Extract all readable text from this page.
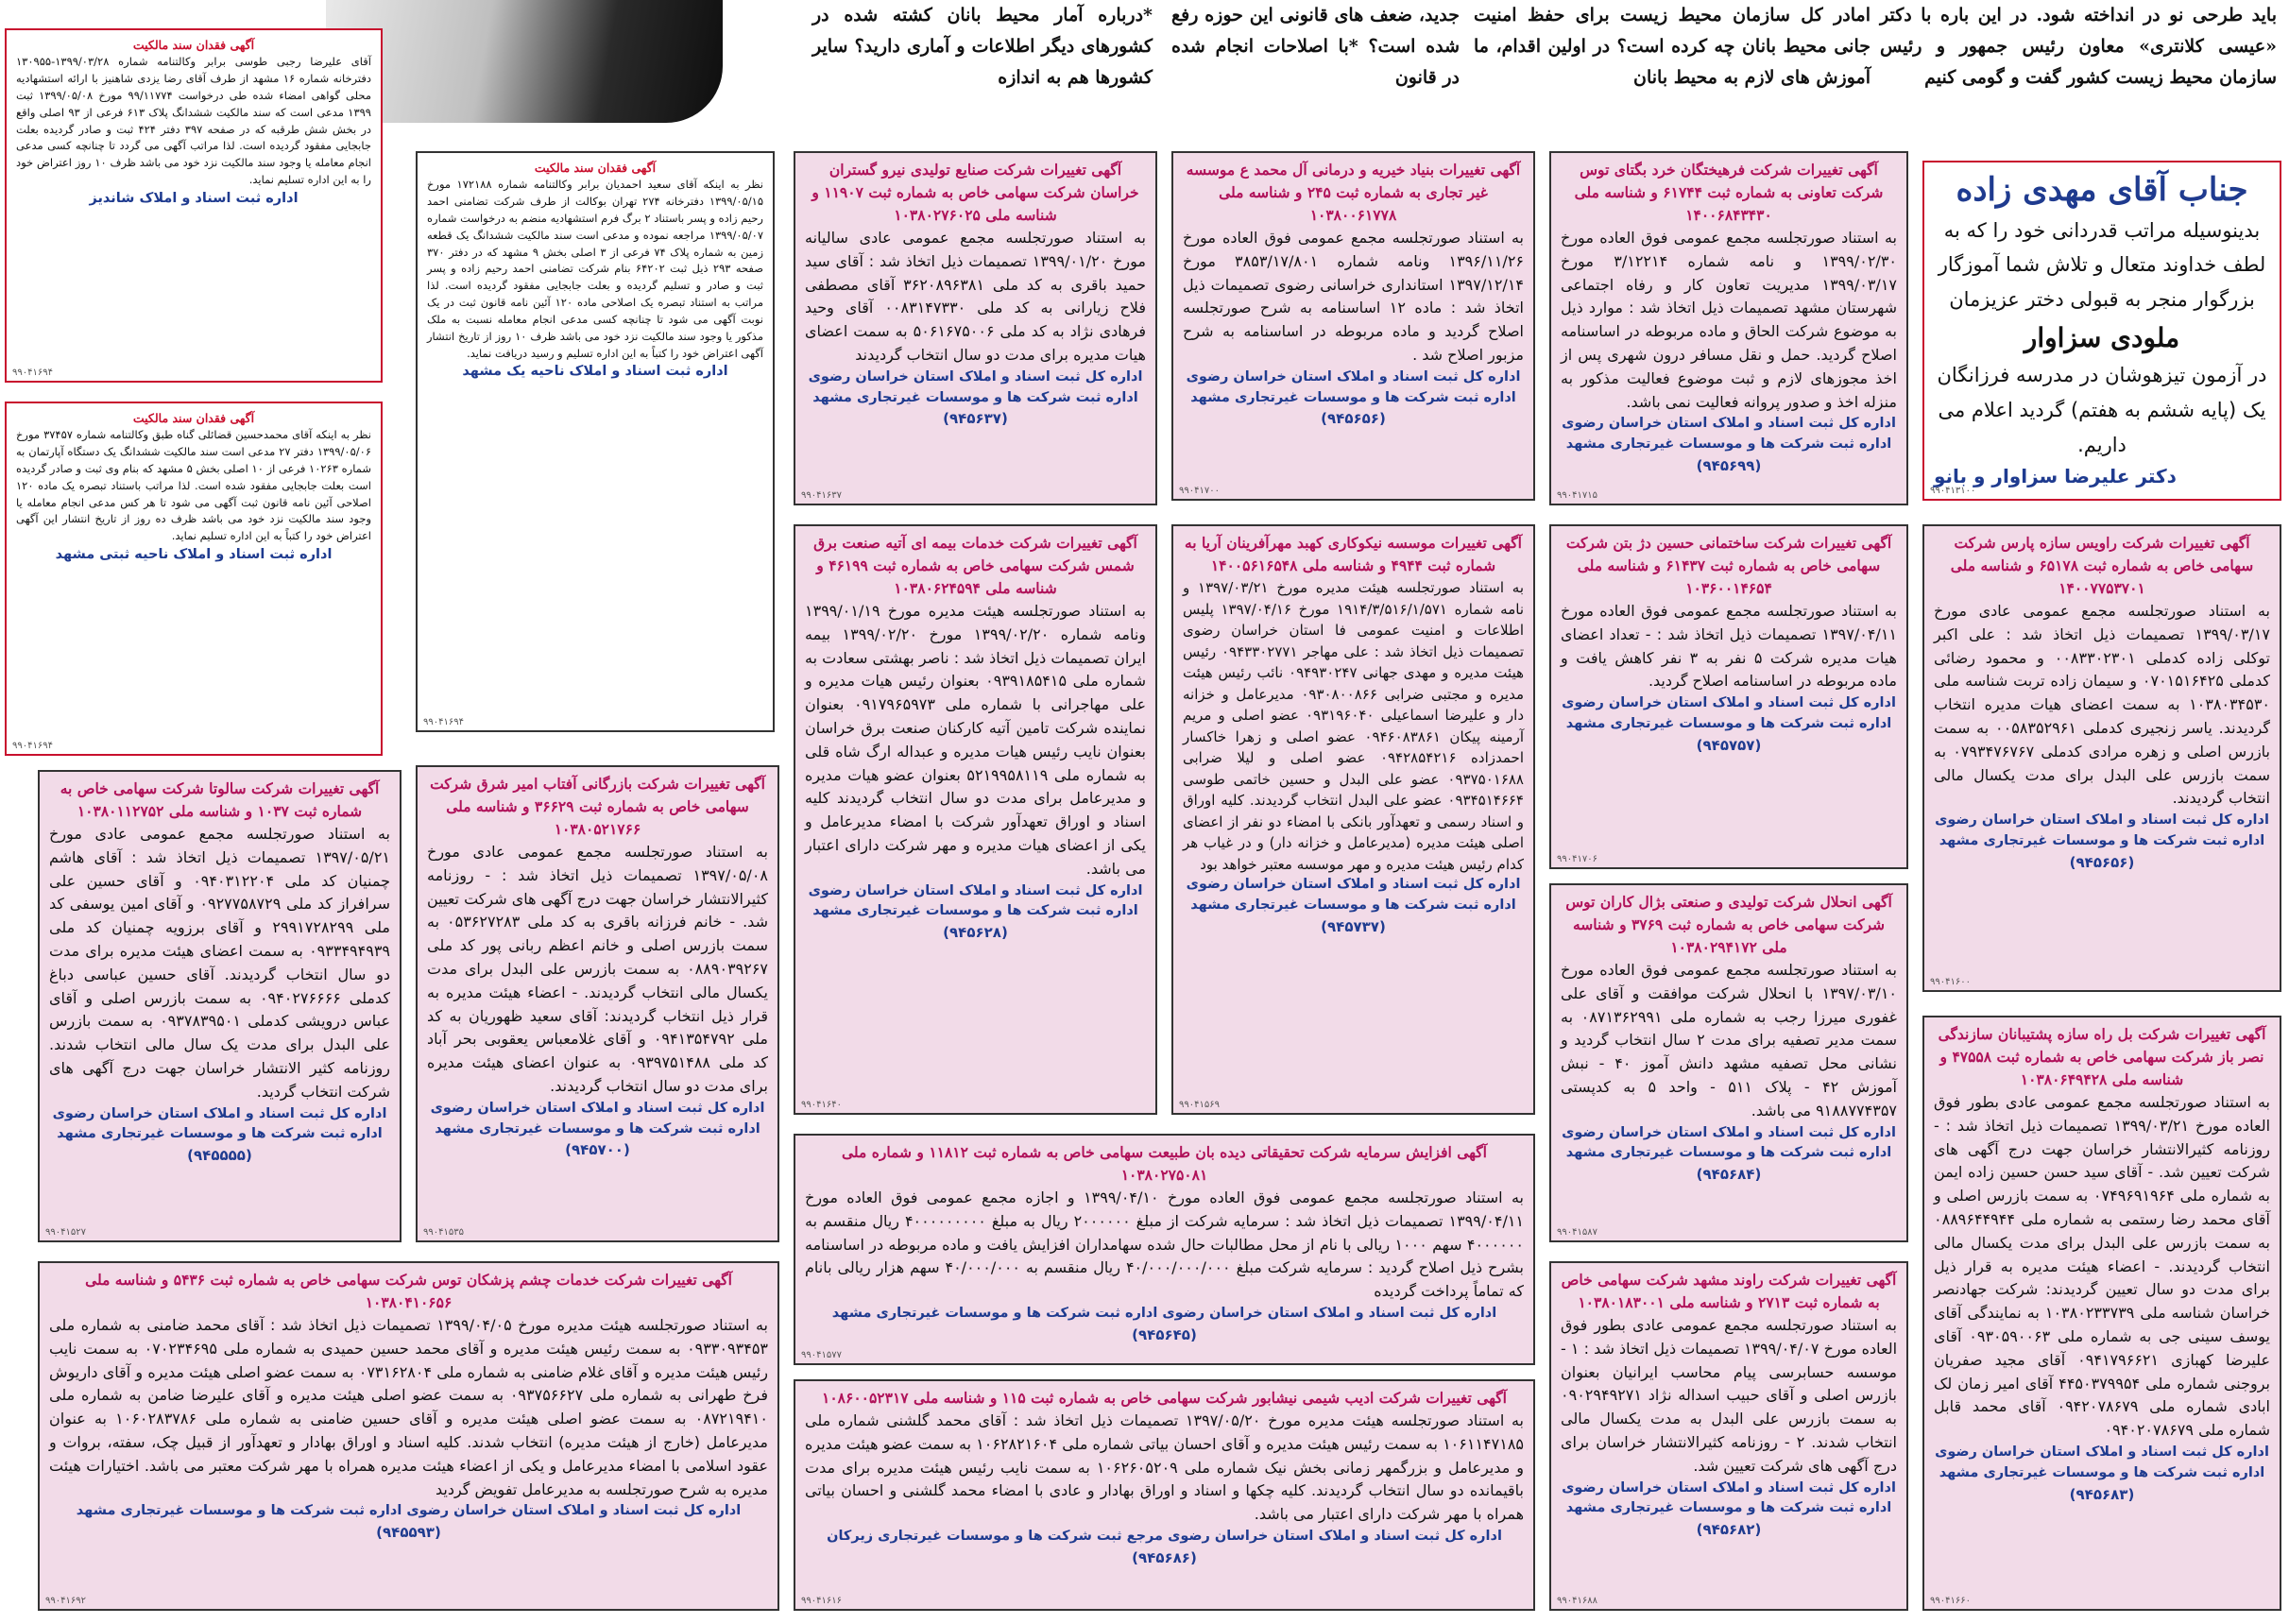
باید طرحی نو در انداخته شود. در این باره با دکتر «عیسی کلانتری» معاون رئیس جمهور و رئیس سازمان محیط زیست کشور گفت و گومی کنیم
امادر کل سازمان محیط زیست برای حفظ امنیت جانی محیط بانان چه کرده است؟ در اولین اقدام، ما آموزش های لازم به محیط بانان
جدید، ضعف های قانونی این حوزه رفع شده است؟ *با اصلاحات انجام شده در قانون
*درباره آمار محیط بانان کشته شده در کشورهای دیگر اطلاعات و آماری دارید؟ سایر کشورها هم به اندازه
جناب آقای مهدی زاده
بدینوسیله مراتب قدردانی خود را که به لطف خداوند متعال و تلاش شما آموزگار بزرگوار منجر به قبولی دختر عزیزمان
ملودی سزاوار
در آزمون تیزهوشان در مدرسه فرزانگان یک (پایه ششم به هفتم) گردید اعلام می داریم.
دکتر علیرضا سزاوار و بانو
۹۹۰۴۱۳۱۰۰
آگهی تغییرات شرکت راویس سازه پارس شرکت سهامی خاص به شماره ثبت ۶۵۱۷۸ و شناسه ملی ۱۴۰۰۷۷۵۳۷۰۱
به استناد صورتجلسه مجمع عمومی عادی مورخ ۱۳۹۹/۰۳/۱۷ تصمیمات ذیل اتخاذ شد : علی اکبر توکلی زاده کدملی ۰۰۸۳۳۰۲۳۰۱ و محمود رضائی کدملی ۰۷۰۱۵۱۶۴۲۵ و سیمان زاده تربت شناسه ملی ۱۰۳۸۰۳۴۵۳۰ به سمت اعضای هیات مدیره انتخاب گردیدند. یاسر زنجیری کدملی ۰۰۵۸۳۵۲۹۶۱ به سمت بازرس اصلی و زهره مرادی کدملی ۰۷۹۳۴۷۶۷۶۷ به سمت بازرس علی البدل برای مدت یکسال مالی انتخاب گردیدند.
اداره کل ثبت اسناد و املاک استان خراسان رضوی اداره ثبت شرکت ها و موسسات غیرتجاری مشهد
(۹۴۵۶۵۶)
۹۹۰۴۱۶۰۰
آگهی تغییرات شرکت بل راه سازه پشتیبانان سازندگی نصر باز شرکت سهامی خاص به شماره ثبت ۴۷۵۵۸ و شناسه ملی ۱۰۳۸۰۶۴۹۴۲۸
به استناد صورتجلسه مجمع عمومی عادی بطور فوق العاده مورخ ۱۳۹۹/۰۳/۲۱ تصمیمات ذیل اتخاذ شد : - روزنامه کثیرالانتشار خراسان جهت درج آگهی های شرکت تعیین شد. - آقای سید حسن حسین زاده ایمن به شماره ملی ۰۷۴۹۶۹۱۹۶۴ به سمت بازرس اصلی و آقای محمد رضا رستمی به شماره ملی ۰۸۸۹۶۴۴۹۴۴ به سمت بازرس علی البدل برای مدت یکسال مالی انتخاب گردیدند. - اعضاء هیئت مدیره به قرار ذیل برای مدت دو سال تعیین گردیدند: شرکت جهادنصر خراسان شناسه ملی ۱۰۳۸۰۲۳۳۷۳۹ به نمایندگی آقای یوسف سینی جی به شماره ملی ۰۹۳۰۵۹۰۰۶۳ آقای علیرضا کهبازی ۰۹۴۱۷۹۶۶۲۱ آقای مجید صفریان بروجنی شماره ملی ۴۴۵۰۳۷۹۹۵۴ آقای امیر زمان لک ابادی شماره ملی ۰۹۴۲۰۷۸۶۷۹ آقای محمد قابل شماره ملی ۰۹۴۰۲۰۷۸۶۷۹
اداره کل ثبت اسناد و املاک استان خراسان رضوی اداره ثبت شرکت ها و موسسات غیرتجاری مشهد
(۹۴۵۶۸۳)
۹۹۰۴۱۶۶۰
آگهی تغییرات شرکت فرهیختگان خرد بگتای توس شرکت تعاونی به شماره ثبت ۶۱۷۴۴ و شناسه ملی ۱۴۰۰۶۸۴۳۴۳۰
به استناد صورتجلسه مجمع عمومی فوق العاده مورخ ۱۳۹۹/۰۲/۳۰ و نامه شماره ۳/۱۲۲۱۴ مورخ ۱۳۹۹/۰۳/۱۷ مدیریت تعاون کار و رفاه اجتماعی شهرستان مشهد تصمیمات ذیل اتخاذ شد : موارد ذیل به موضوع شرکت الحاق و ماده مربوطه در اساسنامه اصلاح گردید. حمل و نقل مسافر درون شهری پس از اخذ مجوزهای لازم و ثبت موضوع فعالیت مذکور به منزله اخذ و صدور پروانه فعالیت نمی باشد.
اداره کل ثبت اسناد و املاک استان خراسان رضوی اداره ثبت شرکت ها و موسسات غیرتجاری مشهد
(۹۴۵۶۹۹)
۹۹۰۴۱۷۱۵
آگهی تغییرات شرکت ساختمانی حسین دژ بتن شرکت سهامی خاص به شماره ثبت ۶۱۴۳۷ و شناسه ملی ۱۰۳۶۰۰۱۴۶۵۴
به استناد صورتجلسه مجمع عمومی فوق العاده مورخ ۱۳۹۷/۰۴/۱۱ تصمیمات ذیل اتخاذ شد : - تعداد اعضای هیات مدیره شرکت ۵ نفر به ۳ نفر کاهش یافت و ماده مربوطه در اساسنامه اصلاح گردید.
اداره کل ثبت اسناد و املاک استان خراسان رضوی اداره ثبت شرکت ها و موسسات غیرتجاری مشهد
(۹۴۵۷۵۷)
۹۹۰۴۱۷۰۶
آگهی انحلال شرکت تولیدی و صنعتی بژال کاران توس شرکت سهامی خاص به شماره ثبت ۳۷۶۹ و شناسه ملی ۱۰۳۸۰۲۹۴۱۷۲
به استناد صورتجلسه مجمع عمومی فوق العاده مورخ ۱۳۹۷/۰۳/۱۰ با انحلال شرکت موافقت و آقای علی غفوری میرزا رجب به شماره ملی ۰۸۷۱۳۶۲۹۹۱ به سمت مدیر تصفیه برای مدت ۲ سال انتخاب گردید و نشانی محل تصفیه مشهد دانش آموز ۴۰ - نبش آموزش ۴۲ - پلاک ۵۱۱ - واحد ۵ به کدپستی ۹۱۸۸۷۷۴۳۵۷ می باشد.
اداره کل ثبت اسناد و املاک استان خراسان رضوی اداره ثبت شرکت ها و موسسات غیرتجاری مشهد
(۹۴۵۶۸۴)
۹۹۰۴۱۵۸۷
آگهی تغییرات شرکت راوند مشهد شرکت سهامی خاص به شماره ثبت ۲۷۱۳ و شناسه ملی ۱۰۳۸۰۱۸۳۰۰۱
به استناد صورتجلسه مجمع عمومی عادی بطور فوق العاده مورخ ۱۳۹۹/۰۴/۰۷ تصمیمات ذیل اتخاذ شد : ۱ - موسسه حسابرسی پیام محاسب ایرانیان بعنوان بازرس اصلی و آقای حبیب اسداله نژاد ۰۹۰۲۹۴۹۲۷۱ به سمت بازرس علی البدل به مدت یکسال مالی انتخاب شدند. ۲ - روزنامه کثیرالانتشار خراسان برای درج آگهی های شرکت تعیین شد.
اداره کل ثبت اسناد و املاک استان خراسان رضوی اداره ثبت شرکت ها و موسسات غیرتجاری مشهد
(۹۴۵۶۸۲)
۹۹۰۴۱۶۸۸
آگهی تغییرات بنیاد خیریه و درمانی آل محمد ع موسسه غیر تجاری به شماره ثبت ۲۴۵ و شناسه ملی ۱۰۳۸۰۰۶۱۷۷۸
به استناد صورتجلسه مجمع عمومی فوق العاده مورخ ۱۳۹۶/۱۱/۲۶ ونامه شماره ۳۸۵۳/۱۷/۸۰۱ مورخ ۱۳۹۷/۱۲/۱۴ استانداری خراسانی رضوی تصمیمات ذیل اتخاذ شد : ماده ۱۲ اساسنامه به شرح صورتجلسه اصلاح گردید و ماده مربوطه در اساسنامه به شرح مزبور اصلاح شد .
اداره کل ثبت اسناد و املاک استان خراسان رضوی اداره ثبت شرکت ها و موسسات غیرتجاری مشهد
(۹۴۵۶۵۶)
۹۹۰۴۱۷۰۰
آگهی تغییرات موسسه نیکوکاری کهبد مهرآفرینان آریا به شماره ثبت ۴۹۴۴ و شناسه ملی ۱۴۰۰۵۶۱۶۵۴۸
به استناد صورتجلسه هیئت مدیره مورخ ۱۳۹۷/۰۳/۲۱ و نامه شماره ۱۹۱۴/۳/۵۱۶/۱/۵۷۱ مورخ ۱۳۹۷/۰۴/۱۶ پلیس اطلاعات و امنیت عمومی فا استان خراسان رضوی تصمیمات ذیل اتخاذ شد : علی مهاجر ۰۹۴۳۳۰۲۷۷۱ رئیس هیئت مدیره و مهدی جهانی ۰۹۴۹۳۰۲۴۷ نائب رئیس هیئت مدیره و مجتبی ضرابی ۰۹۳۰۸۰۰۸۶۶ مدیرعامل و خزانه دار و علیرضا اسماعیلی ۰۹۳۱۹۶۰۴۰ عضو اصلی و مریم آرمینه پیکان ۰۹۴۶۰۸۳۸۶۱ عضو اصلی و زهرا خاکسار احمدزاده ۰۹۴۲۸۵۴۲۱۶ عضو اصلی و لیلا ضرابی ۰۹۳۷۵۰۱۶۸۸ عضو علی البدل و حسین خاتمی طوسی ۰۹۳۴۵۱۴۶۶۴ عضو علی البدل انتخاب گردیدند. کلیه اوراق و اسناد رسمی و تعهدآور بانکی با امضاء دو نفر از اعضای اصلی هیئت مدیره (مدیرعامل و خزانه دار) و در غیاب هر کدام رئیس هیئت مدیره و مهر موسسه معتبر خواهد بود
اداره کل ثبت اسناد و املاک استان خراسان رضوی اداره ثبت شرکت ها و موسسات غیرتجاری مشهد
(۹۴۵۷۳۷)
۹۹۰۴۱۵۶۹
آگهی تغییرات شرکت صنایع تولیدی نیرو گستران خراسان شرکت سهامی خاص به شماره ثبت ۱۱۹۰۷ و شناسه ملی ۱۰۳۸۰۲۷۶۰۲۵
به استناد صورتجلسه مجمع عمومی عادی سالیانه مورخ ۱۳۹۹/۰۱/۲۰ تصمیمات ذیل اتخاذ شد : آقای سید حمید باقری به کد ملی ۳۶۲۰۸۹۶۳۸۱ آقای مصطفی فلاح زیارانی به کد ملی ۰۰۸۳۱۴۷۳۳۰ آقای وحید فرهادی نژاد به کد ملی ۵۰۶۱۶۷۵۰۰۶ به سمت اعضای هیات مدیره برای مدت دو سال انتخاب گردیدند
اداره کل ثبت اسناد و املاک استان خراسان رضوی اداره ثبت شرکت ها و موسسات غیرتجاری مشهد
(۹۴۵۶۳۷)
۹۹۰۴۱۶۳۷
آگهی تغییرات شرکت خدمات بیمه ای آتیه صنعت برق شمس شرکت سهامی خاص به شماره ثبت ۴۶۱۹۹ و شناسه ملی ۱۰۳۸۰۶۲۴۵۹۴
به استناد صورتجلسه هیئت مدیره مورخ ۱۳۹۹/۰۱/۱۹ ونامه شماره ۱۳۹۹/۰۲/۲۰ مورخ ۱۳۹۹/۰۲/۲۰ بیمه ایران تصمیمات ذیل اتخاذ شد : ناصر بهشتی سعادت به شماره ملی ۰۹۳۹۱۸۵۴۱۵ بعنوان رئیس هیات مدیره و علی مهاجرانی با شماره ملی ۰۹۱۷۹۶۵۹۷۳ بعنوان نماینده شرکت تامین آتیه کارکنان صنعت برق خراسان بعنوان نایب رئیس هیات مدیره و عبداله ارگ شاه قلی به شماره ملی ۵۲۱۹۹۵۸۱۱۹ بعنوان عضو هیات مدیره و مدیرعامل برای مدت دو سال انتخاب گردیدند کلیه اسناد و اوراق تعهدآور شرکت با امضاء مدیرعامل و یکی از اعضای هیات مدیره و مهر شرکت دارای اعتبار می باشد.
اداره کل ثبت اسناد و املاک استان خراسان رضوی اداره ثبت شرکت ها و موسسات غیرتجاری مشهد
(۹۴۵۶۲۸)
۹۹۰۴۱۶۴۰
آگهی افزایش سرمایه شرکت تحقیقاتی دیده بان طبیعت سهامی خاص به شماره ثبت ۱۱۸۱۲ و شماره ملی ۱۰۳۸۰۲۷۵۰۸۱
به استناد صورتجلسه مجمع عمومی فوق العاده مورخ ۱۳۹۹/۰۴/۱۰ و اجازه مجمع عمومی فوق العاده مورخ ۱۳۹۹/۰۴/۱۱ تصمیمات ذیل اتخاذ شد : سرمایه شرکت از مبلغ ۲۰۰۰۰۰۰ ریال به مبلغ ۴۰۰۰۰۰۰۰۰۰ ریال منقسم به ۴۰۰۰۰۰۰ سهم ۱۰۰۰ ریالی با نام از محل مطالبات حال شده سهامداران افزایش یافت و ماده مربوطه در اساسنامه بشرح ذیل اصلاح گردید : سرمایه شرکت مبلغ ۴۰/۰۰۰/۰۰۰/۰۰۰ ریال منقسم به ۴۰/۰۰۰/۰۰۰ سهم هزار ریالی بانام که تماماً پرداخت گردیده
اداره کل ثبت اسناد و املاک استان خراسان رضوی اداره ثبت شرکت ها و موسسات غیرتجاری مشهد
(۹۴۵۶۴۵)
۹۹۰۴۱۵۷۷
آگهی تغییرات شرکت ادیب شیمی نیشابور شرکت سهامی خاص به شماره ثبت ۱۱۵ و شناسه ملی ۱۰۸۶۰۰۵۲۳۱۷
به استناد صورتجلسه هیئت مدیره مورخ ۱۳۹۷/۰۵/۲۰ تصمیمات ذیل اتخاذ شد : آقای محمد گلشنی شماره ملی ۱۰۶۱۱۴۷۱۸۵ به سمت رئیس هیئت مدیره و آقای احسان بیاتی شماره ملی ۱۰۶۲۸۲۱۶۰۴ به سمت عضو هیئت مدیره و مدیرعامل و بزرگمهر زمانی بخش نیک شماره ملی ۱۰۶۲۶۰۵۲۰۹ به سمت نایب رئیس هیئت مدیره برای مدت باقیمانده دو سال انتخاب گردیدند. کلیه چکها و اسناد و اوراق بهادار و عادی با امضاء محمد گلشنی و احسان بیاتی همراه با مهر شرکت دارای اعتبار می باشد.
اداره کل ثبت اسناد و املاک استان خراسان رضوی مرجع ثبت شرکت ها و موسسات غیرتجاری زیرکان
(۹۴۵۶۸۶)
۹۹۰۴۱۶۱۶
آگهی فقدان سند مالکیت
نظر به اینکه آقای سعید احمدیان برابر وکالتنامه شماره ۱۷۲۱۸۸ مورخ ۱۳۹۹/۰۵/۱۵ دفترخانه ۲۷۴ تهران بوکالت از طرف شرکت تضامنی احمد رحیم زاده و پسر باستناد ۲ برگ فرم استشهادیه منضم به درخواست شماره ۱۳۹۹/۰۵/۰۷ مراجعه نموده و مدعی است سند مالکیت ششدانگ یک قطعه زمین به شماره پلاک ۷۴ فرعی از ۳ اصلی بخش ۹ مشهد که در دفتر ۳۷۰ صفحه ۲۹۳ ذیل ثبت ۶۴۲۰۲ بنام شرکت تضامنی احمد رحیم زاده و پسر ثبت و صادر و تسلیم گردیده و بعلت جابجایی مفقود گردیده است. لذا مراتب به استناد تبصره یک اصلاحی ماده ۱۲۰ آئین نامه قانون ثبت در یک نوبت آگهی می شود تا چنانچه کسی مدعی انجام معامله نسبت به ملک مذکور یا وجود سند مالکیت نزد خود می باشد ظرف ۱۰ روز از تاریخ انتشار آگهی اعتراض خود را کتباً به این اداره تسلیم و رسید دریافت نماید.
اداره ثبت اسناد و املاک ناحیه یک مشهد
۹۹۰۴۱۶۹۴
آگهی تغییرات شرکت بازرگانی آفتاب امیر شرق شرکت سهامی خاص به شماره ثبت ۳۶۶۲۹ و شناسه ملی ۱۰۳۸۰۵۲۱۷۶۶
به استناد صورتجلسه مجمع عمومی عادی مورخ ۱۳۹۷/۰۵/۰۸ تصمیمات ذیل اتخاذ شد : - روزنامه کثیرالانتشار خراسان جهت درج آگهی های شرکت تعیین شد. - خانم فرزانه باقری به کد ملی ۰۵۳۶۲۷۲۸۳ به سمت بازرس اصلی و خانم اعظم ربانی پور کد ملی ۰۸۸۹۰۳۹۲۶۷ به سمت بازرس علی البدل برای مدت یکسال مالی انتخاب گردیدند. - اعضاء هیئت مدیره به قرار ذیل انتخاب گردیدند: آقای سعید ظهوریان به کد ملی ۰۹۴۱۳۵۴۷۹۲ و آقای غلامعباس یعقوبی بحر آباد کد ملی ۰۹۳۹۷۵۱۴۸۸ به عنوان اعضای هیئت مدیره برای مدت دو سال انتخاب گردیدند.
اداره کل ثبت اسناد و املاک استان خراسان رضوی اداره ثبت شرکت ها و موسسات غیرتجاری مشهد
(۹۴۵۷۰۰)
۹۹۰۴۱۵۳۵
آگهی فقدان سند مالکیت
آقای علیرضا رجبی طوسی برابر وکالتنامه شماره ۱۳۹۹/۰۳/۲۸-۱۳۰۹۵۵ دفترخانه شماره ۱۶ مشهد از طرف آقای رضا یزدی شاهنیز با ارائه استشهادیه محلی گواهی امضاء شده طی درخواست ۹۹/۱۱۷۷۴ مورخ ۱۳۹۹/۰۵/۰۸ ثبت ۱۳۹۹ مدعی است که سند مالکیت ششدانگ پلاک ۶۱۳ فرعی از ۹۳ اصلی واقع در بخش شش طرقبه که در صفحه ۳۹۷ دفتر ۴۲۴ ثبت و صادر گردیده بعلت جابجایی مفقود گردیده است. لذا مراتب آگهی می گردد تا چنانچه کسی مدعی انجام معامله یا وجود سند مالکیت نزد خود می باشد ظرف ۱۰ روز اعتراض خود را به این اداره تسلیم نماید.
اداره ثبت اسناد و املاک شاندیز
۹۹۰۴۱۶۹۴
آگهی فقدان سند مالکیت
نظر به اینکه آقای محمدحسین قضائلی گناه طبق وکالتنامه شماره ۳۷۴۵۷ مورخ ۱۳۹۹/۰۵/۰۶ دفتر ۲۷ مدعی است سند مالکیت ششدانگ یک دستگاه آپارتمان به شماره ۱۰۲۶۳ فرعی از ۱۰ اصلی بخش ۵ مشهد که بنام وی ثبت و صادر گردیده است بعلت جابجایی مفقود شده است. لذا مراتب باستناد تبصره یک ماده ۱۲۰ اصلاحی آئین نامه قانون ثبت آگهی می شود تا هر کس مدعی انجام معامله یا وجود سند مالکیت نزد خود می باشد ظرف ده روز از تاریخ انتشار این آگهی اعتراض خود را کتباً به این اداره تسلیم نماید.
اداره ثبت اسناد و املاک ناحیه ثبتی مشهد
۹۹۰۴۱۶۹۴
آگهی تغییرات شرکت سالوتا شرکت سهامی خاص به شماره ثبت ۱۰۳۷ و شناسه ملی ۱۰۳۸۰۱۱۲۷۵۲
به استناد صورتجلسه مجمع عمومی عادی مورخ ۱۳۹۷/۰۵/۲۱ تصمیمات ذیل اتخاذ شد : آقای هاشم چمنیان کد ملی ۰۹۴۰۳۱۲۲۰۴ و آقای حسین علی سرافراز کد ملی ۰۹۲۷۷۵۸۷۲۹ و آقای امین یوسفی کد ملی ۲۹۹۱۷۲۸۲۹۹ و آقای برزویه چمنیان کد ملی ۰۹۳۳۴۹۴۹۳۹ به سمت اعضای هیئت مدیره برای مدت دو سال انتخاب گردیدند. آقای حسین عباسی دباغ کدملی ۰۹۴۰۲۷۶۶۶۶ به سمت بازرس اصلی و آقای عباس درویشی کدملی ۰۹۳۷۸۳۹۵۰۱ به سمت بازرس علی البدل برای مدت یک سال مالی انتخاب شدند. روزنامه کثیر الانتشار خراسان جهت درج آگهی های شرکت انتخاب گردید.
اداره کل ثبت اسناد و املاک استان خراسان رضوی اداره ثبت شرکت ها و موسسات غیرتجاری مشهد
(۹۴۵۵۵۵)
۹۹۰۴۱۵۲۷
آگهی تغییرات شرکت خدمات چشم پزشکان توس شرکت سهامی خاص به شماره ثبت ۵۴۳۶ و شناسه ملی ۱۰۳۸۰۴۱۰۶۵۶
به استناد صورتجلسه هیئت مدیره مورخ ۱۳۹۹/۰۴/۰۵ تصمیمات ذیل اتخاذ شد : آقای محمد ضامنی به شماره ملی ۰۹۳۳۰۹۳۴۵۳ به سمت رئیس هیئت مدیره و آقای محمد حسین حمیدی به شماره ملی ۰۷۰۲۳۴۶۹۵ به سمت نایب رئیس هیئت مدیره و آقای غلام ضامنی به شماره ملی ۰۷۳۱۶۲۸۰۴ به سمت عضو اصلی هیئت مدیره و آقای داریوش فرخ طهرانی به شماره ملی ۰۹۳۷۵۶۶۲۷ به سمت عضو اصلی هیئت مدیره و آقای علیرضا ضامن به شماره ملی ۰۸۷۲۱۹۴۱۰ به سمت عضو اصلی هیئت مدیره و آقای حسین ضامنی به شماره ملی ۱۰۶۰۲۸۳۷۸۶ به عنوان مدیرعامل (خارج از هیئت مدیره) انتخاب شدند. کلیه اسناد و اوراق بهادار و تعهدآور از قبیل چک، سفته، بروات و عقود اسلامی با امضاء مدیرعامل و یکی از اعضاء هیئت مدیره همراه با مهر شرکت معتبر می باشد. اختیارات هیئت مدیره به شرح صورتجلسه به مدیرعامل تفویض گردید
اداره کل ثبت اسناد و املاک استان خراسان رضوی اداره ثبت شرکت ها و موسسات غیرتجاری مشهد
(۹۴۵۵۹۳)
۹۹۰۴۱۶۹۲
